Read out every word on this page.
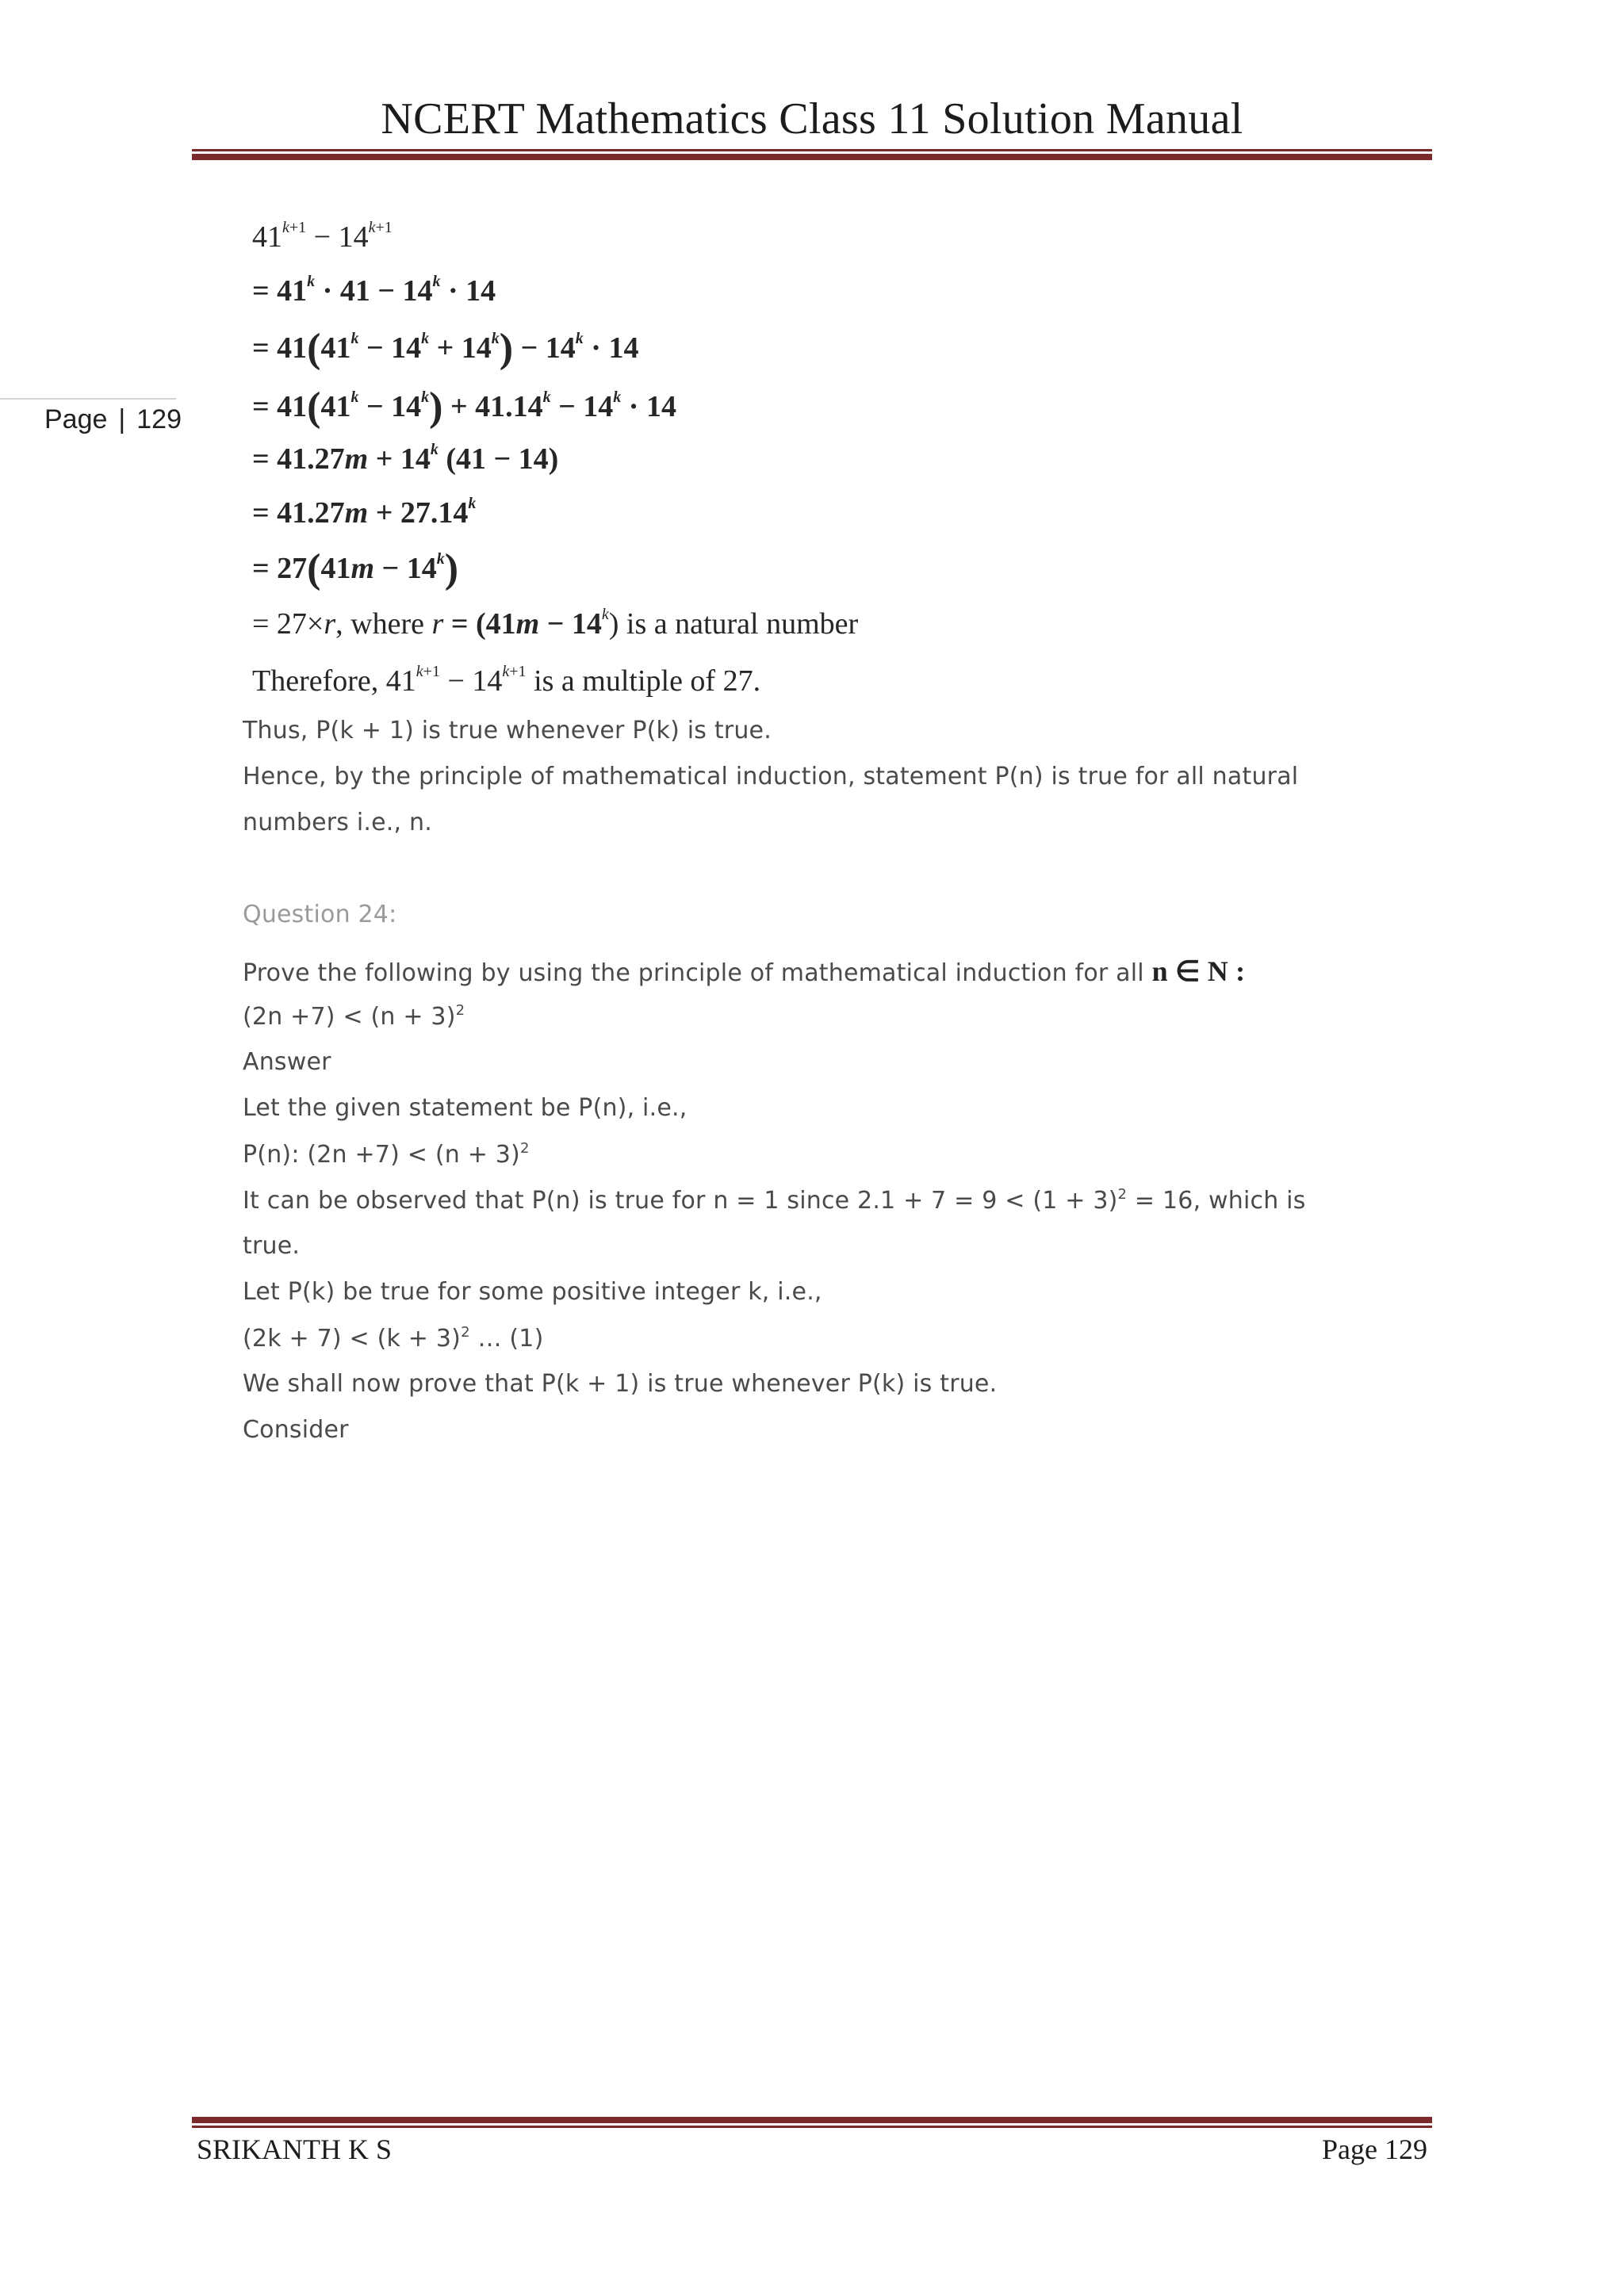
NCERT Mathematics Class 11 Solution Manual
Page | 129
$41^{k+1} - 14^{k+1}$
= $41^k \cdot 41 - 14^k \cdot 14$
= $41(41^k - 14^k + 14^k) - 14^k \cdot 14$
= $41(41^k - 14^k) + 41.14^k - 14^k \cdot 14$
= $41.27m + 14^k$ (41 − 14)
= $41.27m + 27.14^k$
= $27(41m - 14^k)$
= 27×r, where $r = (41m - 14^k)$ is a natural number
Therefore, $41^{k+1} - 14^{k+1}$ is a multiple of 27.
Thus, P(k + 1) is true whenever P(k) is true.
Hence, by the principle of mathematical induction, statement P(n) is true for all natural
numbers i.e., n.
Question 24:
Prove the following by using the principle of mathematical induction for all n ∈ N :
$(2n +7) < (n + 3)^2$
Answer
Let the given statement be P(n), i.e.,
P(n): $(2n +7) < (n + 3)^2$
It can be observed that P(n) is true for n = 1 since $2.1 + 7 = 9 < (1 + 3)^2 = 16$, which is
true.
Let P(k) be true for some positive integer k, i.e.,
$(2k + 7) < (k + 3)^2$ … (1)
We shall now prove that P(k + 1) is true whenever P(k) is true.
Consider
SRIKANTH K S	Page 129
